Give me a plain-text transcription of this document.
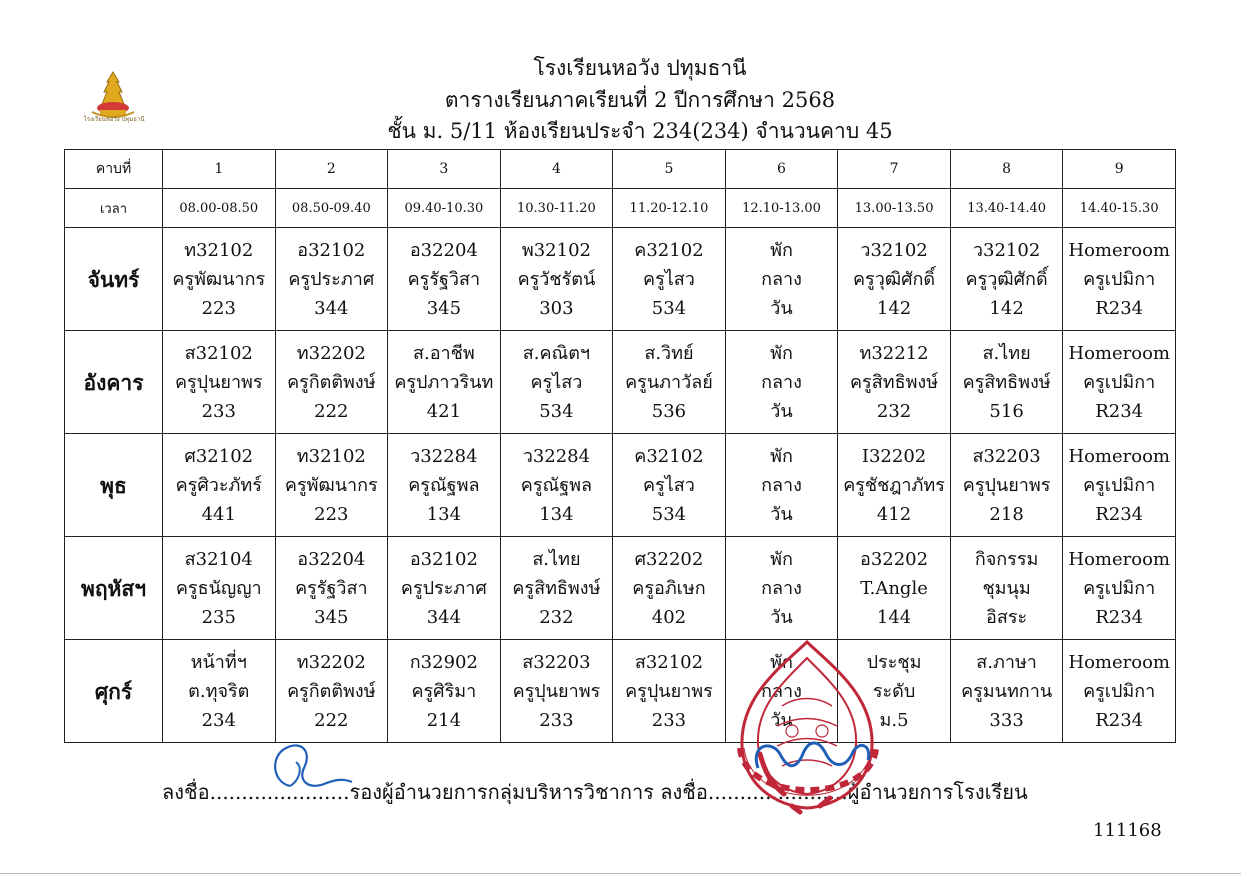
โรงเรียนหอวัง ปทุมธานี
โรงเรียนหอวัง ปทุมธานี
ตารางเรียนภาคเรียนที่ 2 ปีการศึกษา 2568
ชั้น ม. 5/11 ห้องเรียนประจำ 234(234) จำนวนคาบ 45
คาบที่	1	2	3	4	5	6	7	8	9
เวลา	08.00-08.50	08.50-09.40	09.40-10.30	10.30-11.20	11.20-12.10	12.10-13.00	13.00-13.50	13.40-14.40	14.40-15.30
จันทร์	ท32102
ครูพัฒนากร
223	อ32102
ครูประภาศ
344	อ32204
ครูรัฐวิสา
345	พ32102
ครูวัชรัตน์
303	ค32102
ครูไสว
534	พัก
กลาง
วัน	ว32102
ครูวุฒิศักดิ์
142	ว32102
ครูวุฒิศักดิ์
142	Homeroom
ครูเปมิกา
R234

อังคาร	ส32102
ครูปุนยาพร
233	ท32202
ครูกิตติพงษ์
222	ส.อาชีพ
ครูปภาวรินท
421	ส.คณิตฯ
ครูไสว
534	ส.วิทย์
ครูนภาวัลย์
536	พัก
กลาง
วัน	ท32212
ครูสิทธิพงษ์
232	ส.ไทย
ครูสิทธิพงษ์
516	Homeroom
ครูเปมิกา
R234

พุธ	ศ32102
ครูศิวะภัทร์
441	ท32102
ครูพัฒนากร
223	ว32284
ครูณัฐพล
134	ว32284
ครูณัฐพล
134	ค32102
ครูไสว
534	พัก
กลาง
วัน	I32202
ครูชัชฎาภัทร
412	ส32203
ครูปุนยาพร
218	Homeroom
ครูเปมิกา
R234

พฤหัสฯ	ส32104
ครูธนัญญา
235	อ32204
ครูรัฐวิสา
345	อ32102
ครูประภาศ
344	ส.ไทย
ครูสิทธิพงษ์
232	ศ32202
ครูอภิเษก
402	พัก
กลาง
วัน	อ32202
T.Angle
144	กิจกรรม
ชุมนุม
อิสระ	Homeroom
ครูเปมิกา
R234

ศุกร์	หน้าที่ฯ
ต.ทุจริต
234	ท32202
ครูกิตติพงษ์
222	ก32902
ครูศิริมา
214	ส32203
ครูปุนยาพร
233	ส32102
ครูปุนยาพร
233	พัก
กลาง
วัน	ประชุม
ระดับ
ม.5	ส.ภาษา
ครูมนทกาน
333	Homeroom
ครูเปมิกา
R234
ลงชื่อ......................รองผู้อำนวยการกลุ่มบริหารวิชาการ ลงชื่อ......................ผู้อำนวยการโรงเรียน
111168
